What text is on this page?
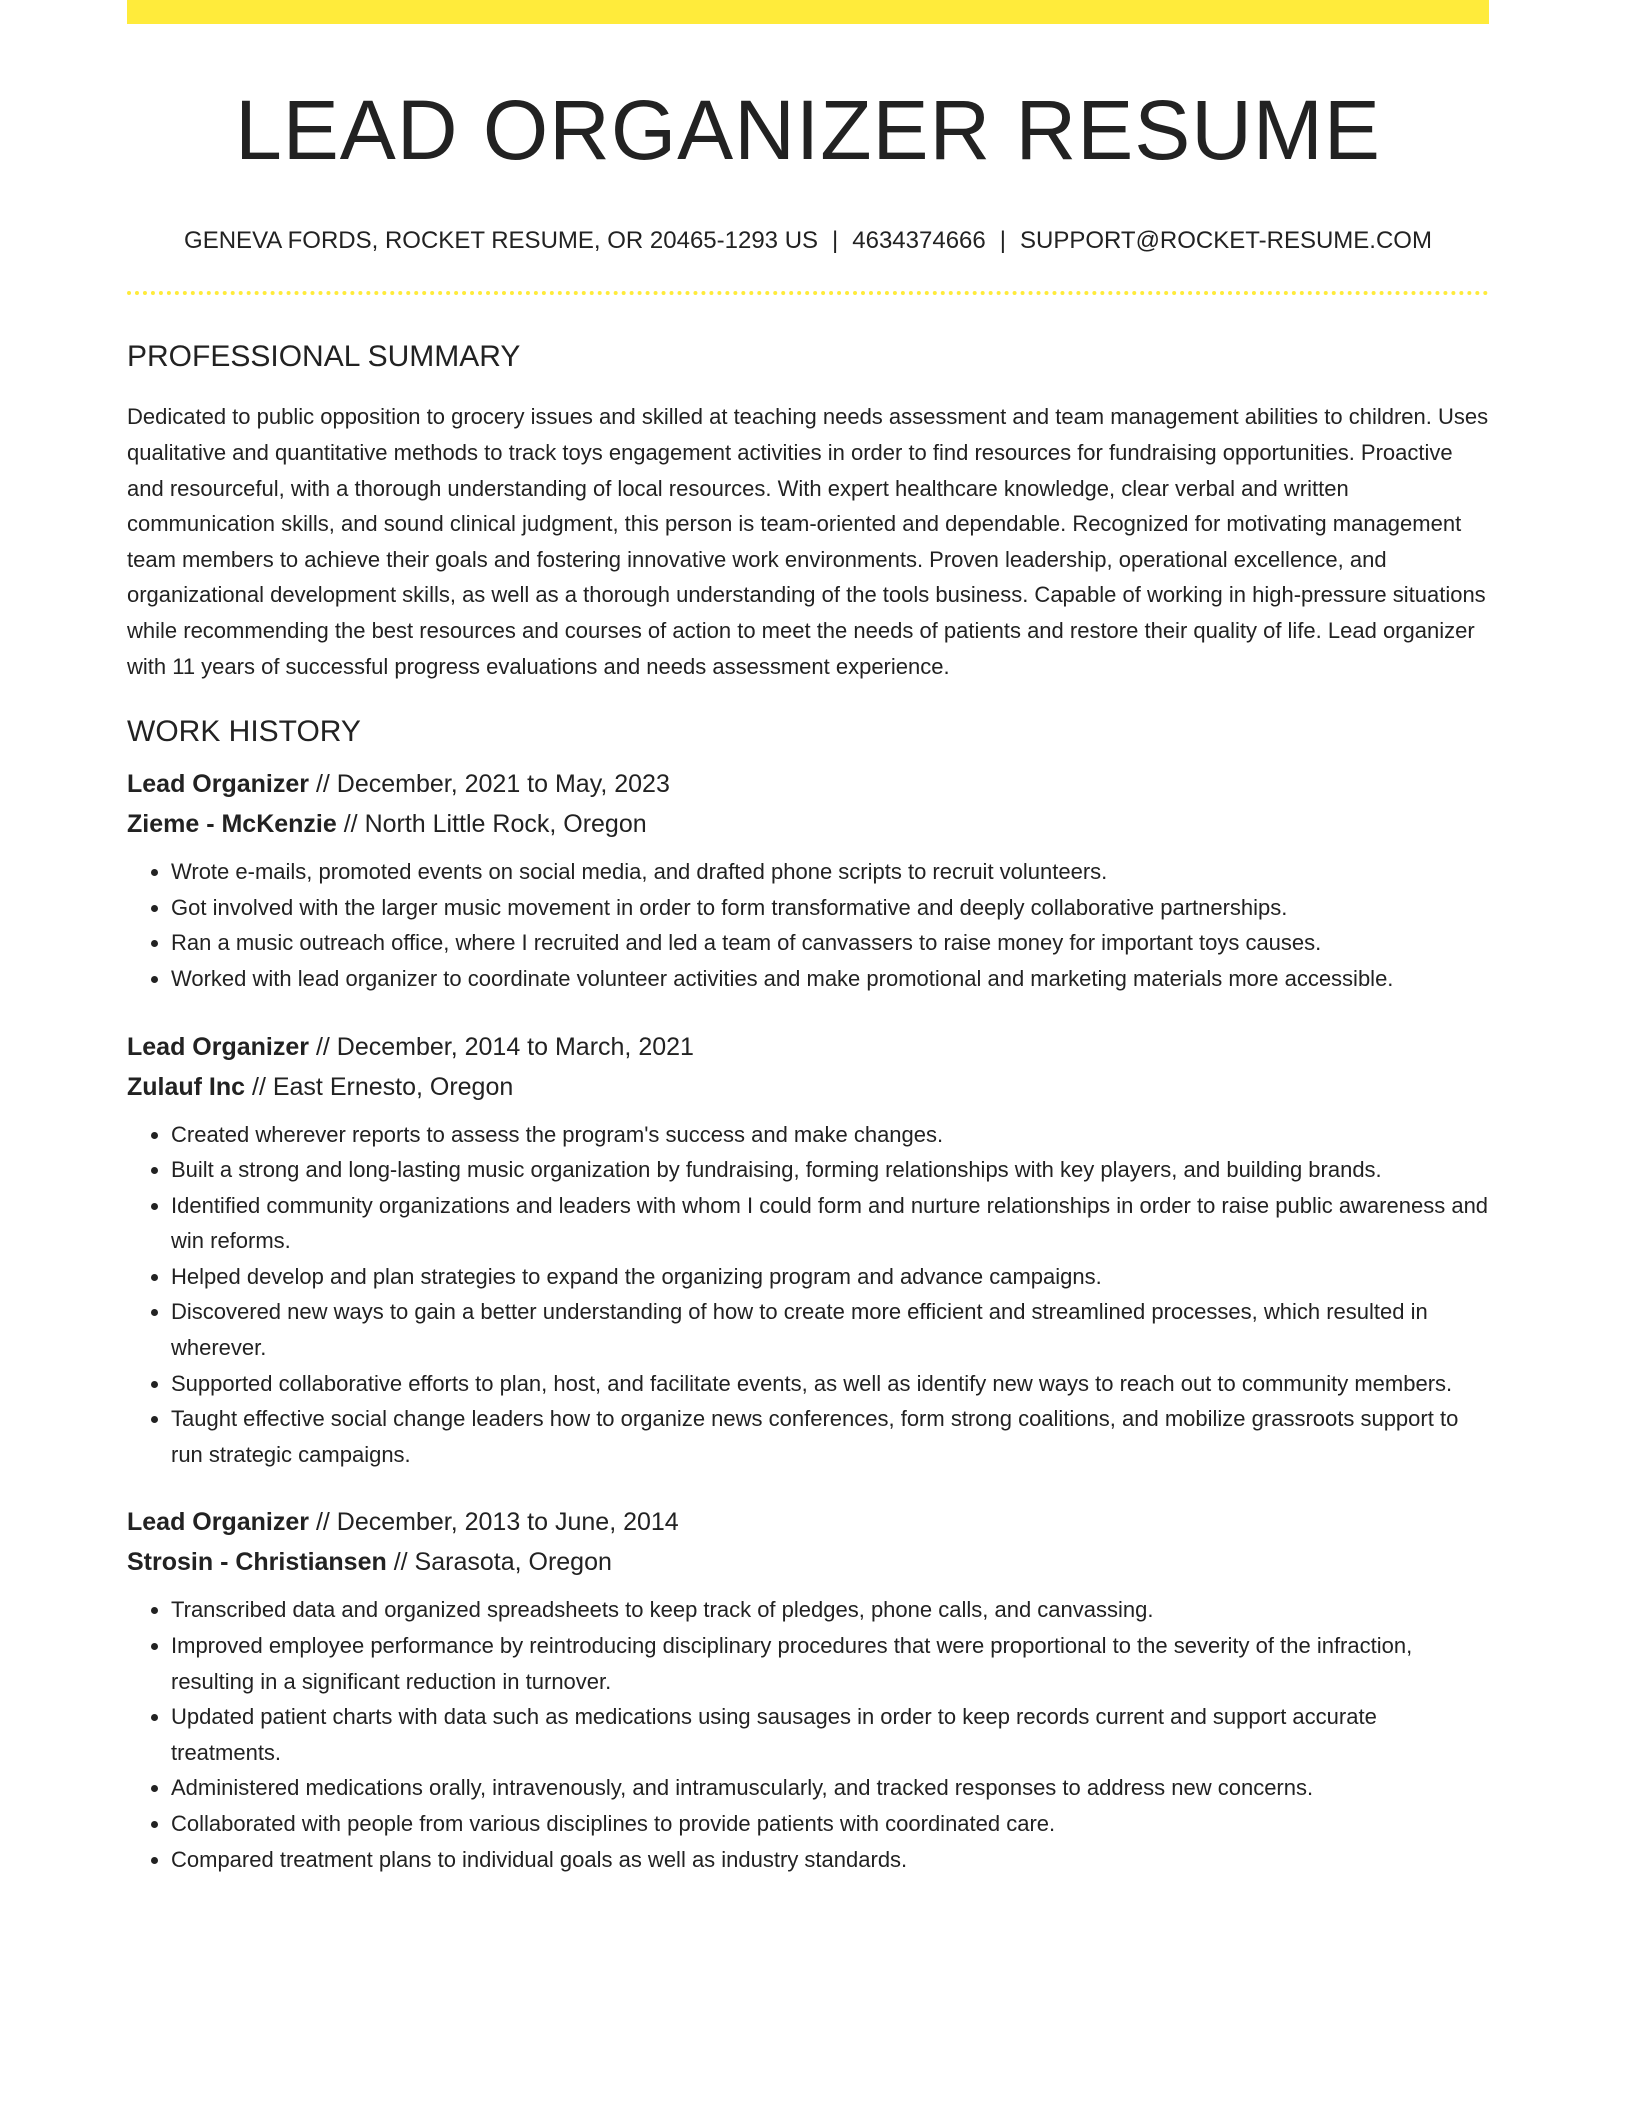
LEAD ORGANIZER RESUME
GENEVA FORDS, ROCKET RESUME, OR 20465-1293 US | 4634374666 | SUPPORT@ROCKET-RESUME.COM
PROFESSIONAL SUMMARY

Dedicated to public opposition to grocery issues and skilled at teaching needs assessment and team management abilities to children. Uses qualitative and quantitative methods to track toys engagement activities in order to find resources for fundraising opportunities. Proactive and resourceful, with a thorough understanding of local resources. With expert healthcare knowledge, clear verbal and written communication skills, and sound clinical judgment, this person is team-oriented and dependable. Recognized for motivating management team members to achieve their goals and fostering innovative work environments. Proven leadership, operational excellence, and organizational development skills, as well as a thorough understanding of the tools business. Capable of working in high-pressure situations while recommending the best resources and courses of action to meet the needs of patients and restore their quality of life. Lead organizer with 11 years of successful progress evaluations and needs assessment experience.

WORK HISTORY
Lead Organizer // December, 2021 to May, 2023
Zieme - McKenzie // North Little Rock, Oregon
• Wrote e-mails, promoted events on social media, and drafted phone scripts to recruit volunteers.
• Got involved with the larger music movement in order to form transformative and deeply collaborative partnerships.
• Ran a music outreach office, where I recruited and led a team of canvassers to raise money for important toys causes.
• Worked with lead organizer to coordinate volunteer activities and make promotional and marketing materials more accessible.
Lead Organizer // December, 2014 to March, 2021
Zulauf Inc // East Ernesto, Oregon
• Created wherever reports to assess the program's success and make changes.
• Built a strong and long-lasting music organization by fundraising, forming relationships with key players, and building brands.
• Identified community organizations and leaders with whom I could form and nurture relationships in order to raise public awareness and win reforms.
• Helped develop and plan strategies to expand the organizing program and advance campaigns.
• Discovered new ways to gain a better understanding of how to create more efficient and streamlined processes, which resulted in wherever.
• Supported collaborative efforts to plan, host, and facilitate events, as well as identify new ways to reach out to community members.
• Taught effective social change leaders how to organize news conferences, form strong coalitions, and mobilize grassroots support to run strategic campaigns.
Lead Organizer // December, 2013 to June, 2014
Strosin - Christiansen // Sarasota, Oregon
• Transcribed data and organized spreadsheets to keep track of pledges, phone calls, and canvassing.
• Improved employee performance by reintroducing disciplinary procedures that were proportional to the severity of the infraction, resulting in a significant reduction in turnover.
• Updated patient charts with data such as medications using sausages in order to keep records current and support accurate treatments.
• Administered medications orally, intravenously, and intramuscularly, and tracked responses to address new concerns.
• Collaborated with people from various disciplines to provide patients with coordinated care.
• Compared treatment plans to individual goals as well as industry standards.
